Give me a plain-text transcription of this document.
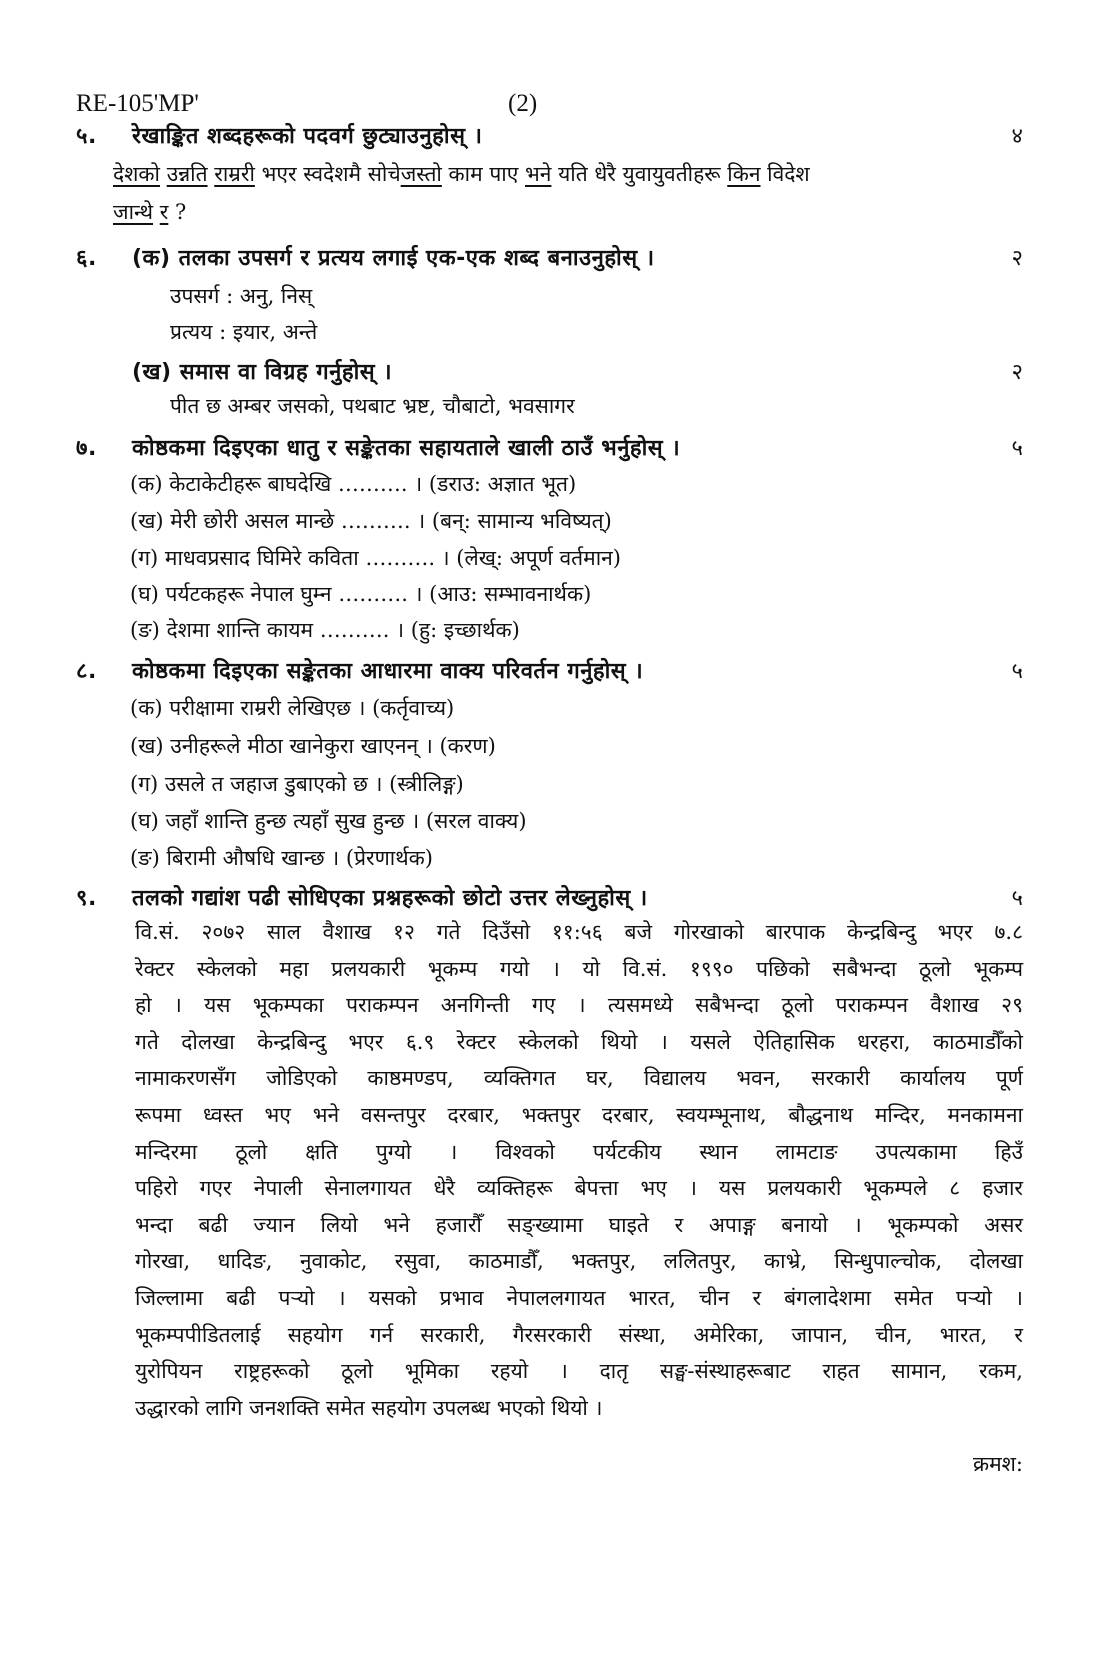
RE-105'MP'	(2)
५. रेखाङ्कित शब्दहरूको पदवर्ग छुट्याउनुहोस् ।	४
देशको उन्नति राम्ररी भएर स्वदेशमै सोचेजस्तो काम पाए भने यति धेरै युवायुवतीहरू किन विदेश
जान्थे र ?
६. (क) तलका उपसर्ग र प्रत्यय लगाई एक-एक शब्द बनाउनुहोस् ।	२
उपसर्ग : अनु, निस्
प्रत्यय : इयार, अन्ते
(ख) समास वा विग्रह गर्नुहोस् ।	२
पीत छ अम्बर जसको, पथबाट भ्रष्ट, चौबाटो, भवसागर
७. कोष्ठकमा दिइएका धातु र सङ्केतका सहायताले खाली ठाउँ भर्नुहोस् ।	५
(क) केटाकेटीहरू बाघदेखि ………. । (डराउ: अज्ञात भूत)
(ख) मेरी छोरी असल मान्छे ………. । (बन्: सामान्य भविष्यत्)
(ग) माधवप्रसाद घिमिरे कविता ………. । (लेख्: अपूर्ण वर्तमान)
(घ) पर्यटकहरू नेपाल घुम्न ………. । (आउ: सम्भावनार्थक)
(ङ) देशमा शान्ति कायम ………. । (हु: इच्छार्थक)
८. कोष्ठकमा दिइएका सङ्केतका आधारमा वाक्य परिवर्तन गर्नुहोस् ।	५
(क) परीक्षामा राम्ररी लेखिएछ । (कर्तृवाच्य)
(ख) उनीहरूले मीठा खानेकुरा खाएनन् । (करण)
(ग) उसले त जहाज डुबाएको छ । (स्त्रीलिङ्ग)
(घ) जहाँ शान्ति हुन्छ त्यहाँ सुख हुन्छ । (सरल वाक्य)
(ङ) बिरामी औषधि खान्छ । (प्रेरणार्थक)
९. तलको गद्यांश पढी सोधिएका प्रश्नहरूको छोटो उत्तर लेख्नुहोस् ।	५
वि.सं. २०७२ साल वैशाख १२ गते दिउँसो ११:५६ बजे गोरखाको बारपाक केन्द्रबिन्दु भएर ७.८
रेक्टर स्केलको महा प्रलयकारी भूकम्प गयो । यो वि.सं. १९९० पछिको सबैभन्दा ठूलो भूकम्प
हो । यस भूकम्पका पराकम्पन अनगिन्ती गए । त्यसमध्ये सबैभन्दा ठूलो पराकम्पन वैशाख २९
गते दोलखा केन्द्रबिन्दु भएर ६.९ रेक्टर स्केलको थियो । यसले ऐतिहासिक धरहरा, काठमाडौँको
नामाकरणसँग जोडिएको काष्ठमण्डप, व्यक्तिगत घर, विद्यालय भवन, सरकारी कार्यालय पूर्ण
रूपमा ध्वस्त भए भने वसन्तपुर दरबार, भक्तपुर दरबार, स्वयम्भूनाथ, बौद्धनाथ मन्दिर, मनकामना
मन्दिरमा ठूलो क्षति पुग्यो । विश्वको पर्यटकीय स्थान लामटाङ उपत्यकामा हिउँ
पहिरो गएर नेपाली सेनालगायत धेरै व्यक्तिहरू बेपत्ता भए । यस प्रलयकारी भूकम्पले ८ हजार
भन्दा बढी ज्यान लियो भने हजारौँ सङ्ख्यामा घाइते र अपाङ्ग बनायो । भूकम्पको असर
गोरखा, धादिङ, नुवाकोट, रसुवा, काठमाडौँ, भक्तपुर, ललितपुर, काभ्रे, सिन्धुपाल्चोक, दोलखा
जिल्लामा बढी पऱ्यो । यसको प्रभाव नेपाललगायत भारत, चीन र बंगलादेशमा समेत पऱ्यो ।
भूकम्पपीडितलाई सहयोग गर्न सरकारी, गैरसरकारी संस्था, अमेरिका, जापान, चीन, भारत, र
युरोपियन राष्ट्रहरूको ठूलो भूमिका रहयो । दातृ सङ्घ-संस्थाहरूबाट राहत सामान, रकम,
उद्धारको लागि जनशक्ति समेत सहयोग उपलब्ध भएको थियो ।
क्रमश:
